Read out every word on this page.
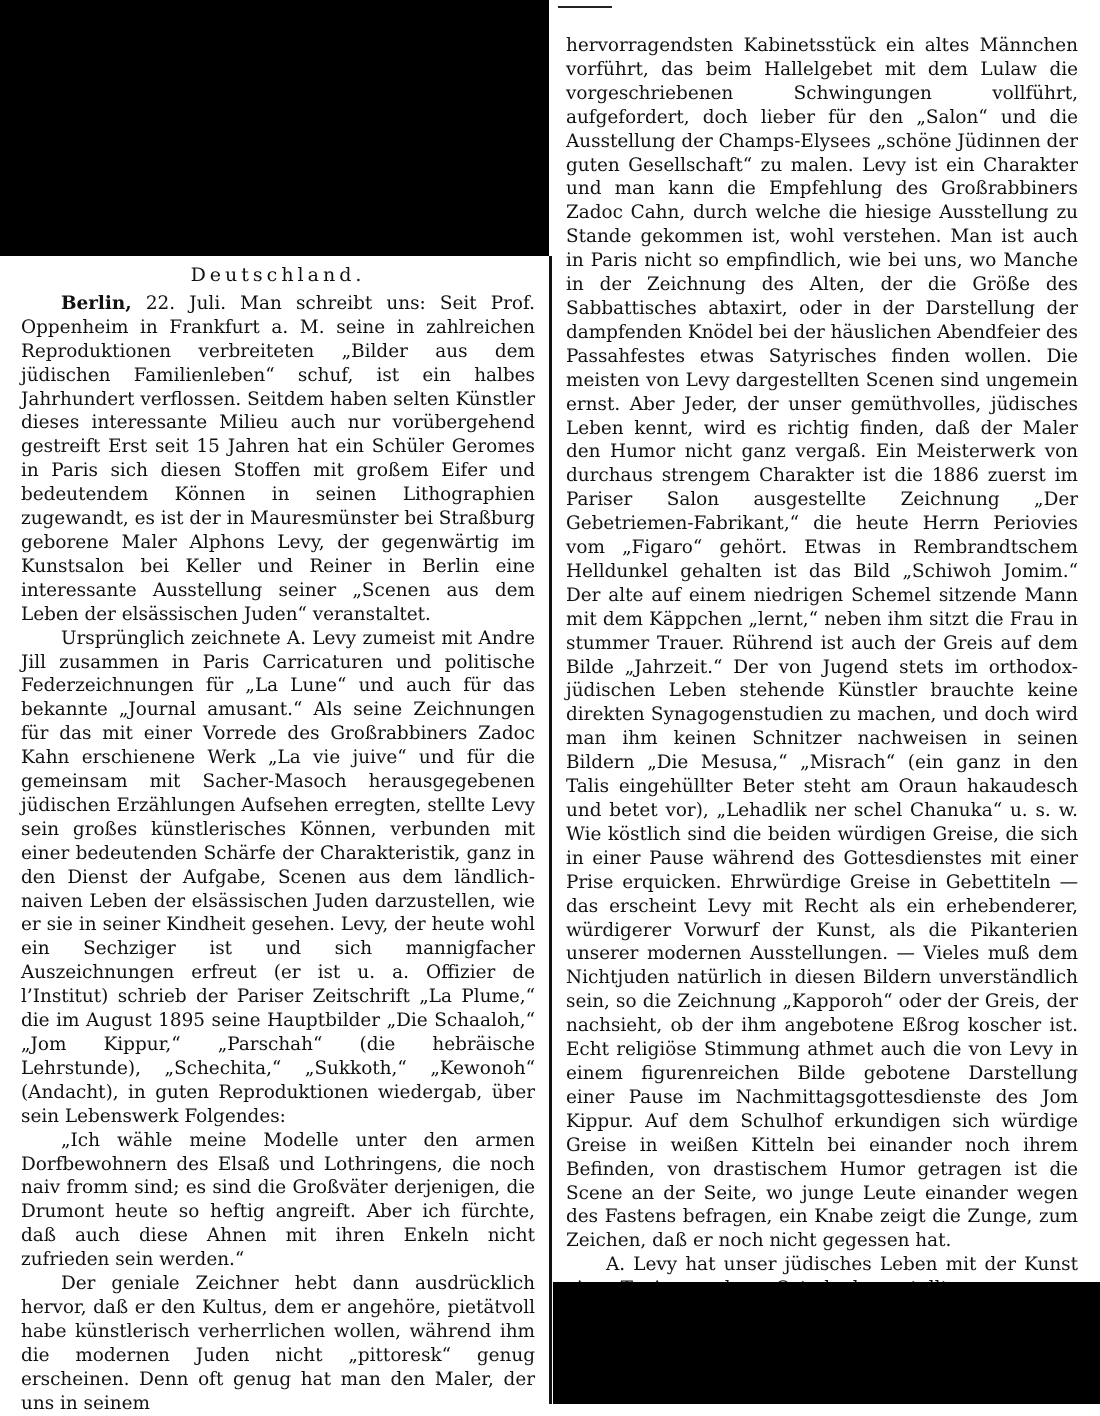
Deutschland.

Berlin, 22. Juli. Man schreibt uns: Seit Prof. Oppenheim in Frankfurt a. M. seine in zahlreichen Reproduktionen verbreiteten „Bilder aus dem jüdischen Familienleben“ schuf, ist ein halbes Jahrhundert verflossen. Seitdem haben selten Künstler dieses interessante Milieu auch nur vorübergehend gestreift Erst seit 15 Jahren hat ein Schüler Geromes in Paris sich diesen Stoffen mit großem Eifer und bedeutendem Können in seinen Lithographien zugewandt, es ist der in Mauresmünster bei Straßburg geborene Maler Alphons Levy, der gegenwärtig im Kunstsalon bei Keller und Reiner in Berlin eine interessante Ausstellung seiner „Scenen aus dem Leben der elsässischen Juden“ veranstaltet.

Ursprünglich zeichnete A. Levy zumeist mit Andre Jill zusammen in Paris Carricaturen und politische Federzeichnungen für „La Lune“ und auch für das bekannte „Journal amusant.“ Als seine Zeichnungen für das mit einer Vorrede des Großrabbiners Zadoc Kahn erschienene Werk „La vie juive“ und für die gemeinsam mit Sacher-Masoch herausgegebenen jüdischen Erzählungen Aufsehen erregten, stellte Levy sein großes künstlerisches Können, verbunden mit einer bedeutenden Schärfe der Charakteristik, ganz in den Dienst der Aufgabe, Scenen aus dem ländlich-naiven Leben der elsässischen Juden darzustellen, wie er sie in seiner Kindheit gesehen. Levy, der heute wohl ein Sechziger ist und sich mannigfacher Auszeichnungen erfreut (er ist u. a. Offizier de l’Institut) schrieb der Pariser Zeitschrift „La Plume,“ die im August 1895 seine Hauptbilder „Die Schaaloh,“ „Jom Kippur,“ „Parschah“ (die hebräische Lehrstunde), „Schechita,“ „Sukkoth,“ „Kewonoh“ (Andacht), in guten Reproduktionen wiedergab, über sein Lebenswerk Folgendes:

„Ich wähle meine Modelle unter den armen Dorfbewohnern des Elsaß und Lothringens, die noch naiv fromm sind; es sind die Großväter derjenigen, die Drumont heute so heftig angreift. Aber ich fürchte, daß auch diese Ahnen mit ihren Enkeln nicht zufrieden sein werden.“

Der geniale Zeichner hebt dann ausdrücklich hervor, daß er den Kultus, dem er angehöre, pietätvoll habe künstlerisch verherrlichen wollen, während ihm die modernen Juden nicht „pittoresk“ genug erscheinen. Denn oft genug hat man den Maler, der uns in seinem

hervorragendsten Kabinetsstück ein altes Männchen vorführt, das beim Hallelgebet mit dem Lulaw die vorgeschriebenen Schwingungen vollführt, aufgefordert, doch lieber für den „Salon“ und die Ausstellung der Champs-Elysees „schöne Jüdinnen der guten Gesellschaft“ zu malen. Levy ist ein Charakter und man kann die Empfehlung des Großrabbiners Zadoc Cahn, durch welche die hiesige Ausstellung zu Stande gekommen ist, wohl verstehen. Man ist auch in Paris nicht so empfindlich, wie bei uns, wo Manche in der Zeichnung des Alten, der die Größe des Sabbattisches abtaxirt, oder in der Darstellung der dampfenden Knödel bei der häuslichen Abendfeier des Passahfestes etwas Satyrisches finden wollen. Die meisten von Levy dargestellten Scenen sind ungemein ernst. Aber Jeder, der unser gemüthvolles, jüdisches Leben kennt, wird es richtig finden, daß der Maler den Humor nicht ganz vergaß. Ein Meisterwerk von durchaus strengem Charakter ist die 1886 zuerst im Pariser Salon ausgestellte Zeichnung „Der Gebetriemen-Fabrikant,“ die heute Herrn Periovies vom „Figaro“ gehört. Etwas in Rembrandtschem Helldunkel gehalten ist das Bild „Schiwoh Jomim.“ Der alte auf einem niedrigen Schemel sitzende Mann mit dem Käppchen „lernt,“ neben ihm sitzt die Frau in stummer Trauer. Rührend ist auch der Greis auf dem Bilde „Jahrzeit.“ Der von Jugend stets im orthodox-jüdischen Leben stehende Künstler brauchte keine direkten Synagogenstudien zu machen, und doch wird man ihm keinen Schnitzer nachweisen in seinen Bildern „Die Mesusa,“ „Misrach“ (ein ganz in den Talis eingehüllter Beter steht am Oraun hakaudesch und betet vor), „Lehadlik ner schel Chanuka“ u. s. w. Wie köstlich sind die beiden würdigen Greise, die sich in einer Pause während des Gottesdienstes mit einer Prise erquicken. Ehrwürdige Greise in Gebettiteln — das erscheint Levy mit Recht als ein erhebenderer, würdigerer Vorwurf der Kunst, als die Pikanterien unserer modernen Ausstellungen. — Vieles muß dem Nichtjuden natürlich in diesen Bildern unverständlich sein, so die Zeichnung „Kapporoh“ oder der Greis, der nachsieht, ob der ihm angebotene Eßrog koscher ist. Echt religiöse Stimmung athmet auch die von Levy in einem figurenreichen Bilde gebotene Darstellung einer Pause im Nachmittagsgottesdienste des Jom Kippur. Auf dem Schulhof erkundigen sich würdige Greise in weißen Kitteln bei einander noch ihrem Befinden, von drastischem Humor getragen ist die Scene an der Seite, wo junge Leute einander wegen des Fastens befragen, ein Knabe zeigt die Zunge, zum Zeichen, daß er noch nicht gegessen hat.

A. Levy hat unser jüdisches Leben mit der Kunst
